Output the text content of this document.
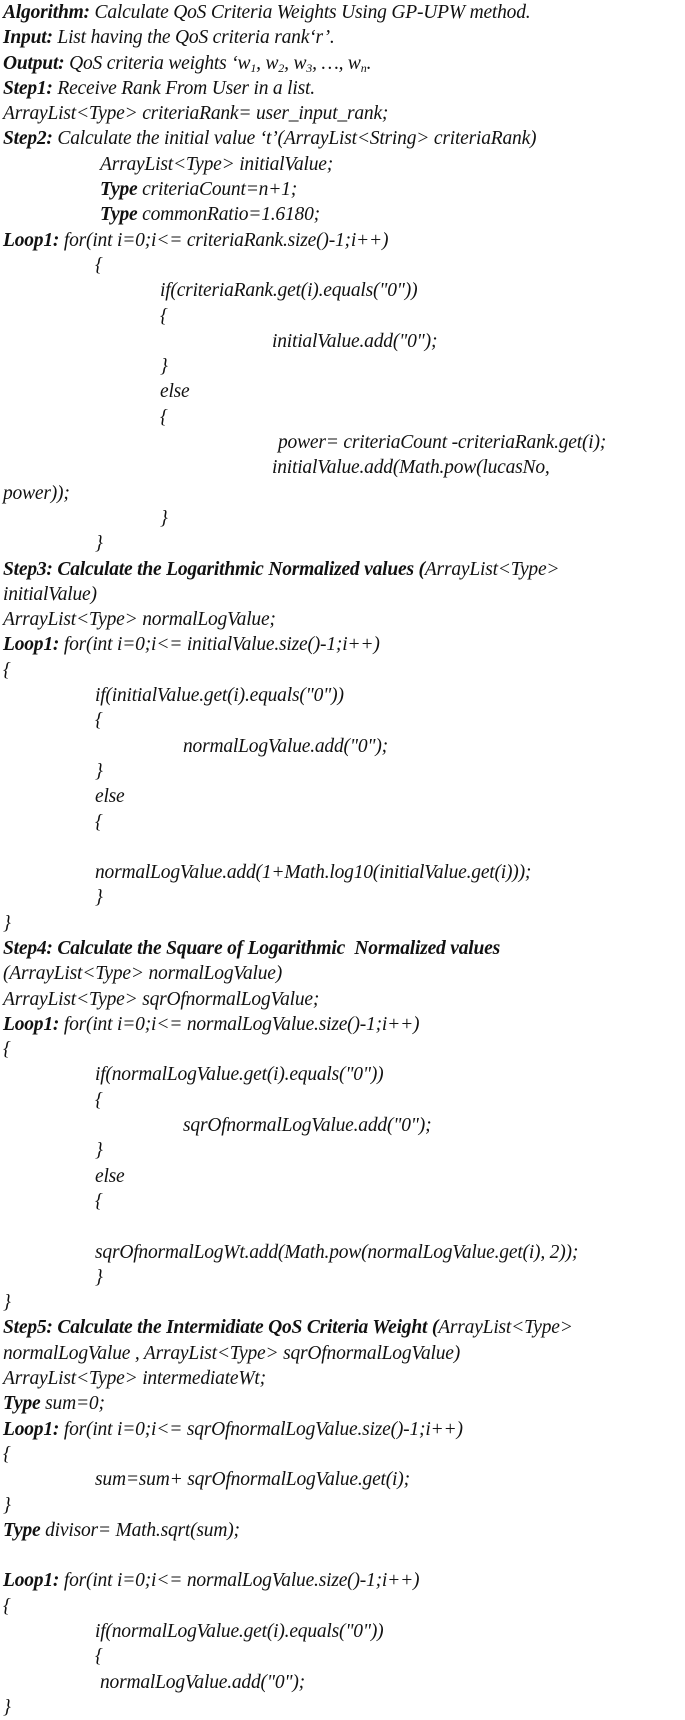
Algorithm: Calculate QoS Criteria Weights Using GP-UPW method.
Input: List having the QoS criteria rank‘r’.
Output: QoS criteria weights ‘w1, w2, w3, …, wn.
Step1: Receive Rank From User in a list.
ArrayList<Type> criteriaRank= user_input_rank;
Step2: Calculate the initial value ‘t’(ArrayList<String> criteriaRank)
ArrayList<Type> initialValue;
Type criteriaCount=n+1;
Type commonRatio=1.6180;
Loop1: for(int i=0;i<= criteriaRank.size()-1;i++)
{
if(criteriaRank.get(i).equals("0"))
{
initialValue.add("0");
}
else
{
power= criteriaCount -criteriaRank.get(i);
initialValue.add(Math.pow(lucasNo,
power));
}
}
Step3: Calculate the Logarithmic Normalized values (ArrayList<Type>
initialValue)
ArrayList<Type> normalLogValue;
Loop1: for(int i=0;i<= initialValue.size()-1;i++)
{
if(initialValue.get(i).equals("0"))
{
normalLogValue.add("0");
}
else
{
normalLogValue.add(1+Math.log10(initialValue.get(i)));
}
}
Step4: Calculate the Square of Logarithmic  Normalized values
(ArrayList<Type> normalLogValue)
ArrayList<Type> sqrOfnormalLogValue;
Loop1: for(int i=0;i<= normalLogValue.size()-1;i++)
{
if(normalLogValue.get(i).equals("0"))
{
sqrOfnormalLogValue.add("0");
}
else
{
sqrOfnormalLogWt.add(Math.pow(normalLogValue.get(i), 2));
}
}
Step5: Calculate the Intermidiate QoS Criteria Weight (ArrayList<Type>
normalLogValue , ArrayList<Type> sqrOfnormalLogValue)
ArrayList<Type> intermediateWt;
Type sum=0;
Loop1: for(int i=0;i<= sqrOfnormalLogValue.size()-1;i++)
{
sum=sum+ sqrOfnormalLogValue.get(i);
}
Type divisor= Math.sqrt(sum);
Loop1: for(int i=0;i<= normalLogValue.size()-1;i++)
{
if(normalLogValue.get(i).equals("0"))
{
normalLogValue.add("0");
}
